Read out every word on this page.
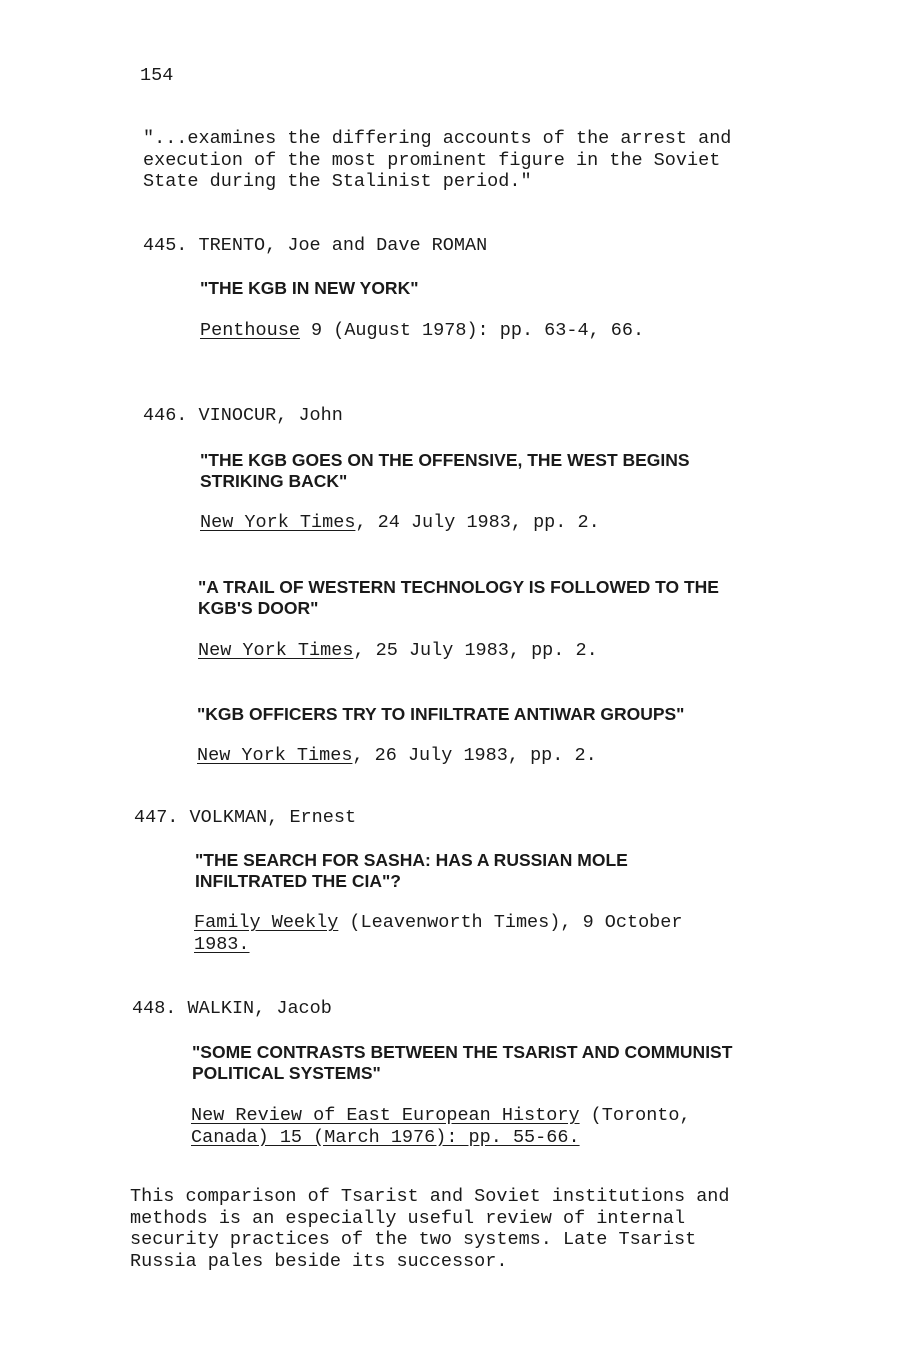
154
"...examines the differing accounts of the arrest and
execution of the most prominent figure in the Soviet
State during the Stalinist period."
445. TRENTO, Joe and Dave ROMAN
"THE KGB IN NEW YORK"
Penthouse 9 (August 1978): pp. 63-4, 66.
446. VINOCUR, John
"THE KGB GOES ON THE OFFENSIVE, THE WEST BEGINS
STRIKING BACK"
New York Times, 24 July 1983, pp. 2.
"A TRAIL OF WESTERN TECHNOLOGY IS FOLLOWED TO THE
KGB'S DOOR"
New York Times, 25 July 1983, pp. 2.
"KGB OFFICERS TRY TO INFILTRATE ANTIWAR GROUPS"
New York Times, 26 July 1983, pp. 2.
447. VOLKMAN, Ernest
"THE SEARCH FOR SASHA: HAS A RUSSIAN MOLE
INFILTRATED THE CIA"?
Family Weekly (Leavenworth Times), 9 October
1983.
448. WALKIN, Jacob
"SOME CONTRASTS BETWEEN THE TSARIST AND COMMUNIST
POLITICAL SYSTEMS"
New Review of East European History (Toronto,
Canada) 15 (March 1976): pp. 55-66.
This comparison of Tsarist and Soviet institutions and
methods is an especially useful review of internal
security practices of the two systems. Late Tsarist
Russia pales beside its successor.
